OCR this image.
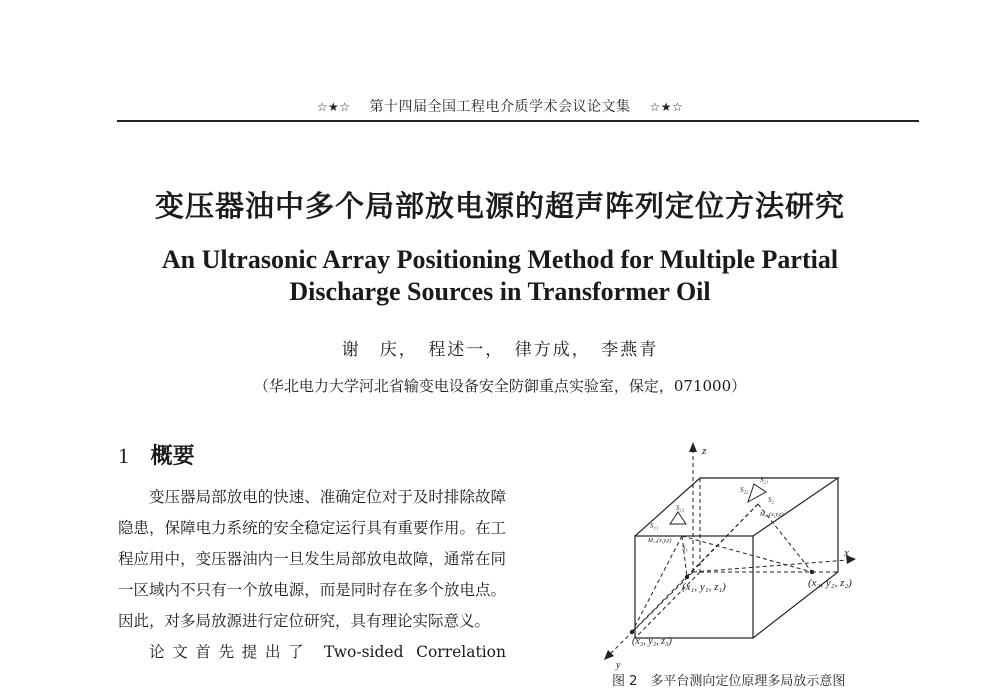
☆★☆ 第十四届全国工程电介质学术会议论文集 ☆★☆
变压器油中多个局部放电源的超声阵列定位方法研究
An Ultrasonic Array Positioning Method for Multiple Partial
Discharge Sources in Transformer Oil
谢　庆，　程述一，　律方成，　李燕青
（华北电力大学河北省输变电设备安全防御重点实验室，保定，071000）
1 概要

变压器局部放电的快速、准确定位对于及时排除故障隐患，保障电力系统的安全稳定运行具有重要作用。在工程应用中，变压器油内一旦发生局部放电故障，通常在同一区域内不只有一个放电源，而是同时存在多个放电点。因此，对多局放源进行定位研究，具有理论实际意义。

论文首先提出了 Two-sided Correlation

z
x
y
(x₁, y₁, z₁)	(x₂, y₂, z₂)
(x₃, y₃, z₃)
S₁₂
S₁₁
S₁
M₁₁(x,y,z)
S₂₁
S₂₂
M₂₂(x,y,z)
S₂
图 2　多平台测向定位原理多局放示意图
